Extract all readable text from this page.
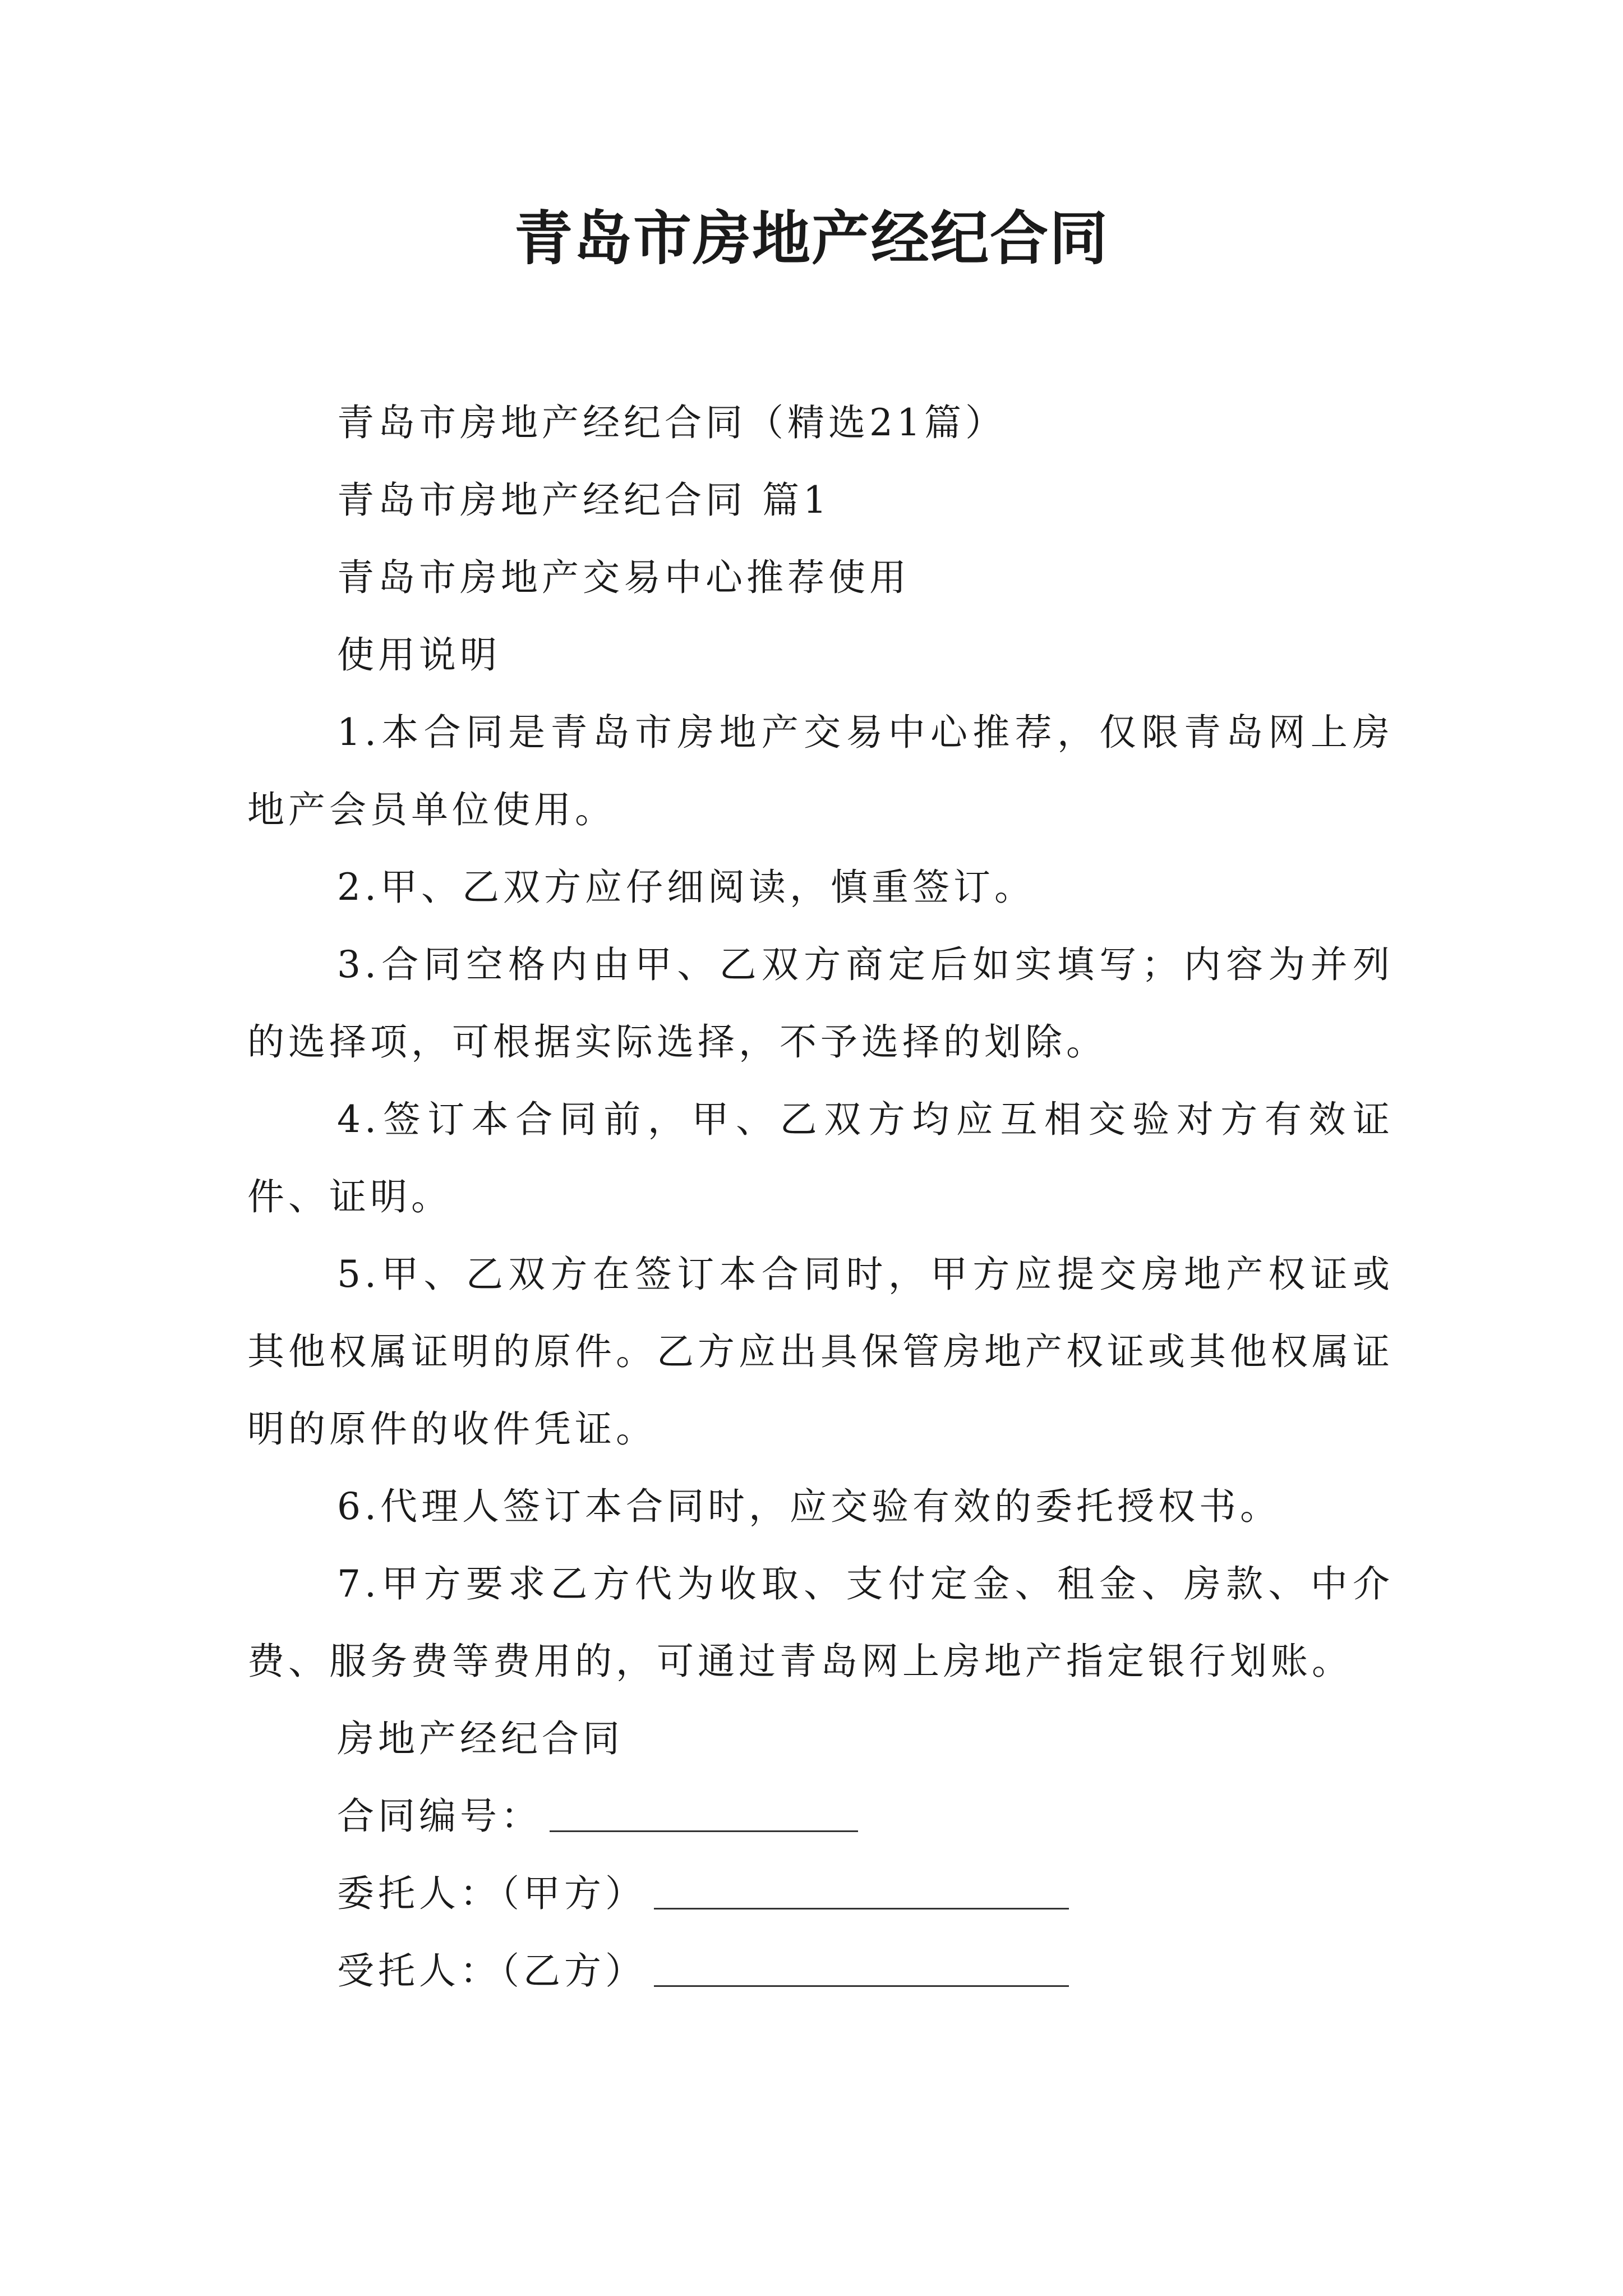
青岛市房地产经纪合同

青岛市房地产经纪合同（精选21篇）

青岛市房地产经纪合同 篇1

青岛市房地产交易中心推荐使用

使用说明

1.本合同是青岛市房地产交易中心推荐，仅限青岛网上房地产会员单位使用。

2.甲、乙双方应仔细阅读，慎重签订。

3.合同空格内由甲、乙双方商定后如实填写；内容为并列的选择项，可根据实际选择，不予选择的划除。

4.签订本合同前，甲、乙双方均应互相交验对方有效证件、证明。

5.甲、乙双方在签订本合同时，甲方应提交房地产权证或其他权属证明的原件。乙方应出具保管房地产权证或其他权属证明的原件的收件凭证。

6.代理人签订本合同时，应交验有效的委托授权书。

7.甲方要求乙方代为收取、支付定金、租金、房款、中介费、服务费等费用的，可通过青岛网上房地产指定银行划账。

房地产经纪合同

合同编号：

委托人：（甲方）

受托人：（乙方）
